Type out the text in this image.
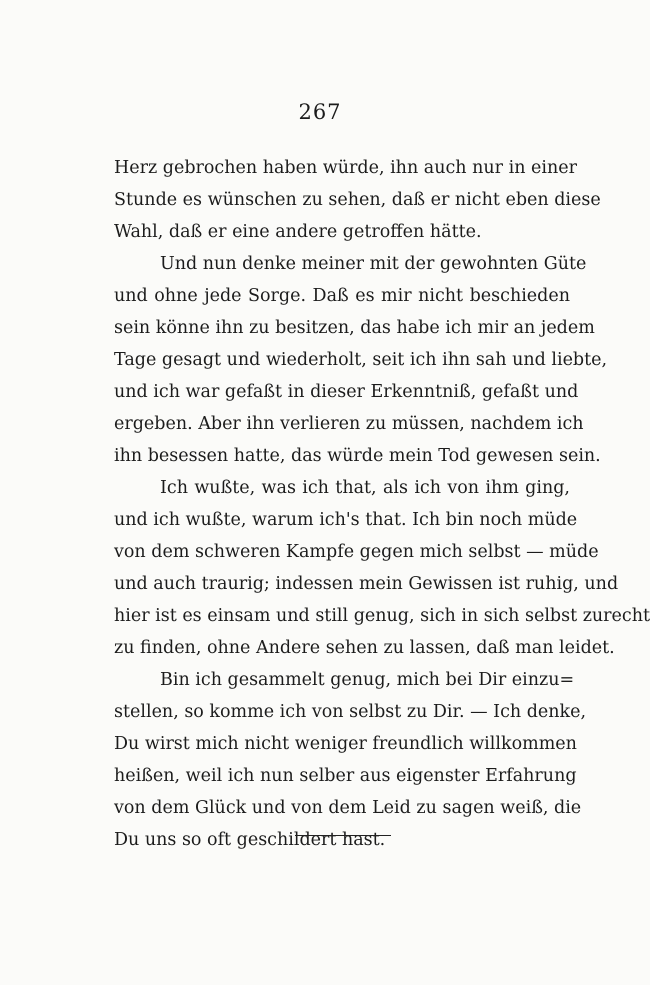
267
Herz gebrochen haben würde, ihn auch nur in einer
Stunde es wünschen zu sehen, daß er nicht eben diese
Wahl, daß er eine andere getroffen hätte.
Und nun denke meiner mit der gewohnten Güte
und ohne jede Sorge. Daß es mir nicht beschieden
sein könne ihn zu besitzen, das habe ich mir an jedem
Tage gesagt und wiederholt, seit ich ihn sah und liebte,
und ich war gefaßt in dieser Erkenntniß, gefaßt und
ergeben. Aber ihn verlieren zu müssen, nachdem ich
ihn besessen hatte, das würde mein Tod gewesen sein.
Ich wußte, was ich that, als ich von ihm ging,
und ich wußte, warum ich's that. Ich bin noch müde
von dem schweren Kampfe gegen mich selbst — müde
und auch traurig; indessen mein Gewissen ist ruhig, und
hier ist es einsam und still genug, sich in sich selbst zurecht
zu finden, ohne Andere sehen zu lassen, daß man leidet.
Bin ich gesammelt genug, mich bei Dir einzu=
stellen, so komme ich von selbst zu Dir. — Ich denke,
Du wirst mich nicht weniger freundlich willkommen
heißen, weil ich nun selber aus eigenster Erfahrung
von dem Glück und von dem Leid zu sagen weiß, die
Du uns so oft geschildert hast.
